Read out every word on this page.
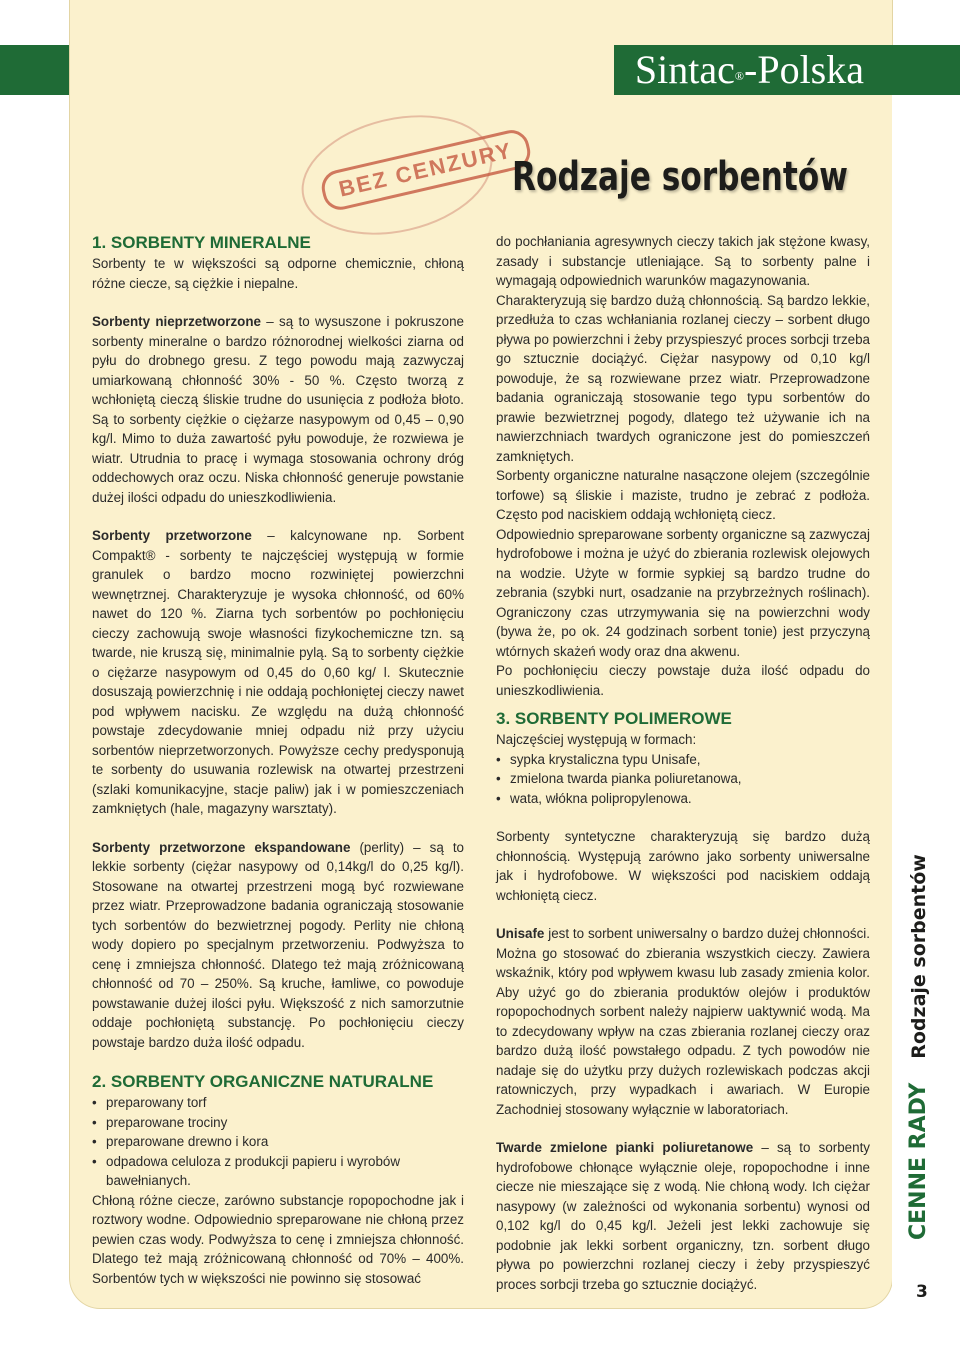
Sintac®-Polska
BEZ CENZURY
Rodzaje sorbentów

1. SORBENTY MINERALNE

Sorbenty te w większości są odporne chemicznie, chłoną różne ciecze, są ciężkie i niepalne.

Sorbenty nieprzetworzone – są to wysuszone i pokruszone sorbenty mineralne o bardzo różnorodnej wielkości ziarna od pyłu do drobnego gresu. Z tego powodu mają zazwyczaj umiarkowaną chłonność 30% - 50 %. Często tworzą z wchłoniętą cieczą śliskie trudne do usunięcia z podłoża błoto. Są to sorbenty ciężkie o ciężarze nasypowym od 0,45 – 0,90 kg/l. Mimo to duża zawartość pyłu powoduje, że rozwiewa je wiatr. Utrudnia to pracę i wymaga stosowania ochrony dróg oddechowych oraz oczu. Niska chłonność generuje powstanie dużej ilości odpadu do unieszkodliwienia.

Sorbenty przetworzone – kalcynowane np. Sorbent Compakt® - sorbenty te najczęściej występują w formie granulek o bardzo mocno rozwiniętej powierzchni wewnętrznej. Charakteryzuje je wysoka chłonność, od 60% nawet do 120 %. Ziarna tych sorbentów po pochłonięciu cieczy zachowują swoje własności fizykochemiczne tzn. są twarde, nie kruszą się, minimalnie pylą. Są to sorbenty ciężkie o ciężarze nasypowym od 0,45 do 0,60 kg/ l. Skutecznie dosuszają powierzchnię i nie oddają pochłoniętej cieczy nawet pod wpływem nacisku. Ze względu na dużą chłonność powstaje zdecydowanie mniej odpadu niż przy użyciu sorbentów nieprzetworzonych. Powyższe cechy predysponują te sorbenty do usuwania rozlewisk na otwartej przestrzeni (szlaki komunikacyjne, stacje paliw) jak i w pomieszczeniach zamkniętych (hale, magazyny warsztaty).

Sorbenty przetworzone ekspandowane (perlity) – są to lekkie sorbenty (ciężar nasypowy od 0,14kg/l do 0,25 kg/l). Stosowane na otwartej przestrzeni mogą być rozwiewane przez wiatr. Przeprowadzone badania ograniczają stosowanie tych sorbentów do bezwietrznej pogody. Perlity nie chłoną wody dopiero po specjalnym przetworzeniu. Podwyższa to cenę i zmniejsza chłonność. Dlatego też mają zróżnicowaną chłonność od 70 – 250%. Są kruche, łamliwe, co powoduje powstawanie dużej ilości pyłu. Większość z nich samorzutnie oddaje pochłoniętą substancję. Po pochłonięciu cieczy powstaje bardzo duża ilość odpadu.

2. SORBENTY ORGANICZNE NATURALNE

• preparowany torf
• preparowane trociny
• preparowane drewno i kora
• odpadowa celuloza z produkcji papieru i wyrobów bawełnianych.

Chłoną różne ciecze, zarówno substancje ropopochodne jak i roztwory wodne. Odpowiednio spreparowane nie chłoną przez pewien czas wody. Podwyższa to cenę i zmniejsza chłonność. Dlatego też mają zróżnicowaną chłonność od 70% – 400%. Sorbentów tych w większości nie powinno się stosować

do pochłaniania agresywnych cieczy takich jak stężone kwasy, zasady i substancje utleniające. Są to sorbenty palne i wymagają odpowiednich warunków magazynowania.

Charakteryzują się bardzo dużą chłonnością. Są bardzo lekkie, przedłuża to czas wchłaniania rozlanej cieczy – sorbent długo pływa po powierzchni i żeby przyspieszyć proces sorbcji trzeba go sztucznie dociążyć. Ciężar nasypowy od 0,10 kg/l powoduje, że są rozwiewane przez wiatr. Przeprowadzone badania ograniczają stosowanie tego typu sorbentów do prawie bezwietrznej pogody, dlatego też używanie ich na nawierzchniach twardych ograniczone jest do pomieszczeń zamkniętych.

Sorbenty organiczne naturalne nasączone olejem (szczególnie torfowe) są śliskie i maziste, trudno je zebrać z podłoża. Często pod naciskiem oddają wchłoniętą ciecz.

Odpowiednio spreparowane sorbenty organiczne są zazwyczaj hydrofobowe i można je użyć do zbierania rozlewisk olejowych na wodzie. Użyte w formie sypkiej są bardzo trudne do zebrania (szybki nurt, osadzanie na przybrzeżnych roślinach). Ograniczony czas utrzymywania się na powierzchni wody (bywa że, po ok. 24 godzinach sorbent tonie) jest przyczyną wtórnych skażeń wody oraz dna akwenu.

Po pochłonięciu cieczy powstaje duża ilość odpadu do unieszkodliwienia.

3. SORBENTY POLIMEROWE

Najczęściej występują w formach:

• sypka krystaliczna typu Unisafe,
• zmielona twarda pianka poliuretanowa,
• wata, włókna polipropylenowa.

Sorbenty syntetyczne charakteryzują się bardzo dużą chłonnością. Występują zarówno jako sorbenty uniwersalne jak i hydrofobowe. W większości pod naciskiem oddają wchłoniętą ciecz.

Unisafe jest to sorbent uniwersalny o bardzo dużej chłonności. Można go stosować do zbierania wszystkich cieczy. Zawiera wskaźnik, który pod wpływem kwasu lub zasady zmienia kolor. Aby użyć go do zbierania produktów olejów i produktów ropopochodnych sorbent należy najpierw uaktywnić wodą. Ma to zdecydowany wpływ na czas zbierania rozlanej cieczy oraz bardzo dużą ilość powstałego odpadu. Z tych powodów nie nadaje się do użytku przy dużych rozlewiskach podczas akcji ratowniczych, przy wypadkach i awariach. W Europie Zachodniej stosowany wyłącznie w laboratoriach.

Twarde zmielone pianki poliuretanowe – są to sorbenty hydrofobowe chłonące wyłącznie oleje, ropopochodne i inne ciecze nie mieszające się z wodą. Nie chłoną wody. Ich ciężar nasypowy (w zależności od wykonania sorbentu) wynosi od 0,102 kg/l do 0,45 kg/l. Jeżeli jest lekki zachowuje się podobnie jak lekki sorbent organiczny, tzn. sorbent długo pływa po powierzchni rozlanej cieczy i żeby przyspieszyć proces sorbcji trzeba go sztucznie dociążyć.

CENNE RADYRodzaje sorbentów
3
